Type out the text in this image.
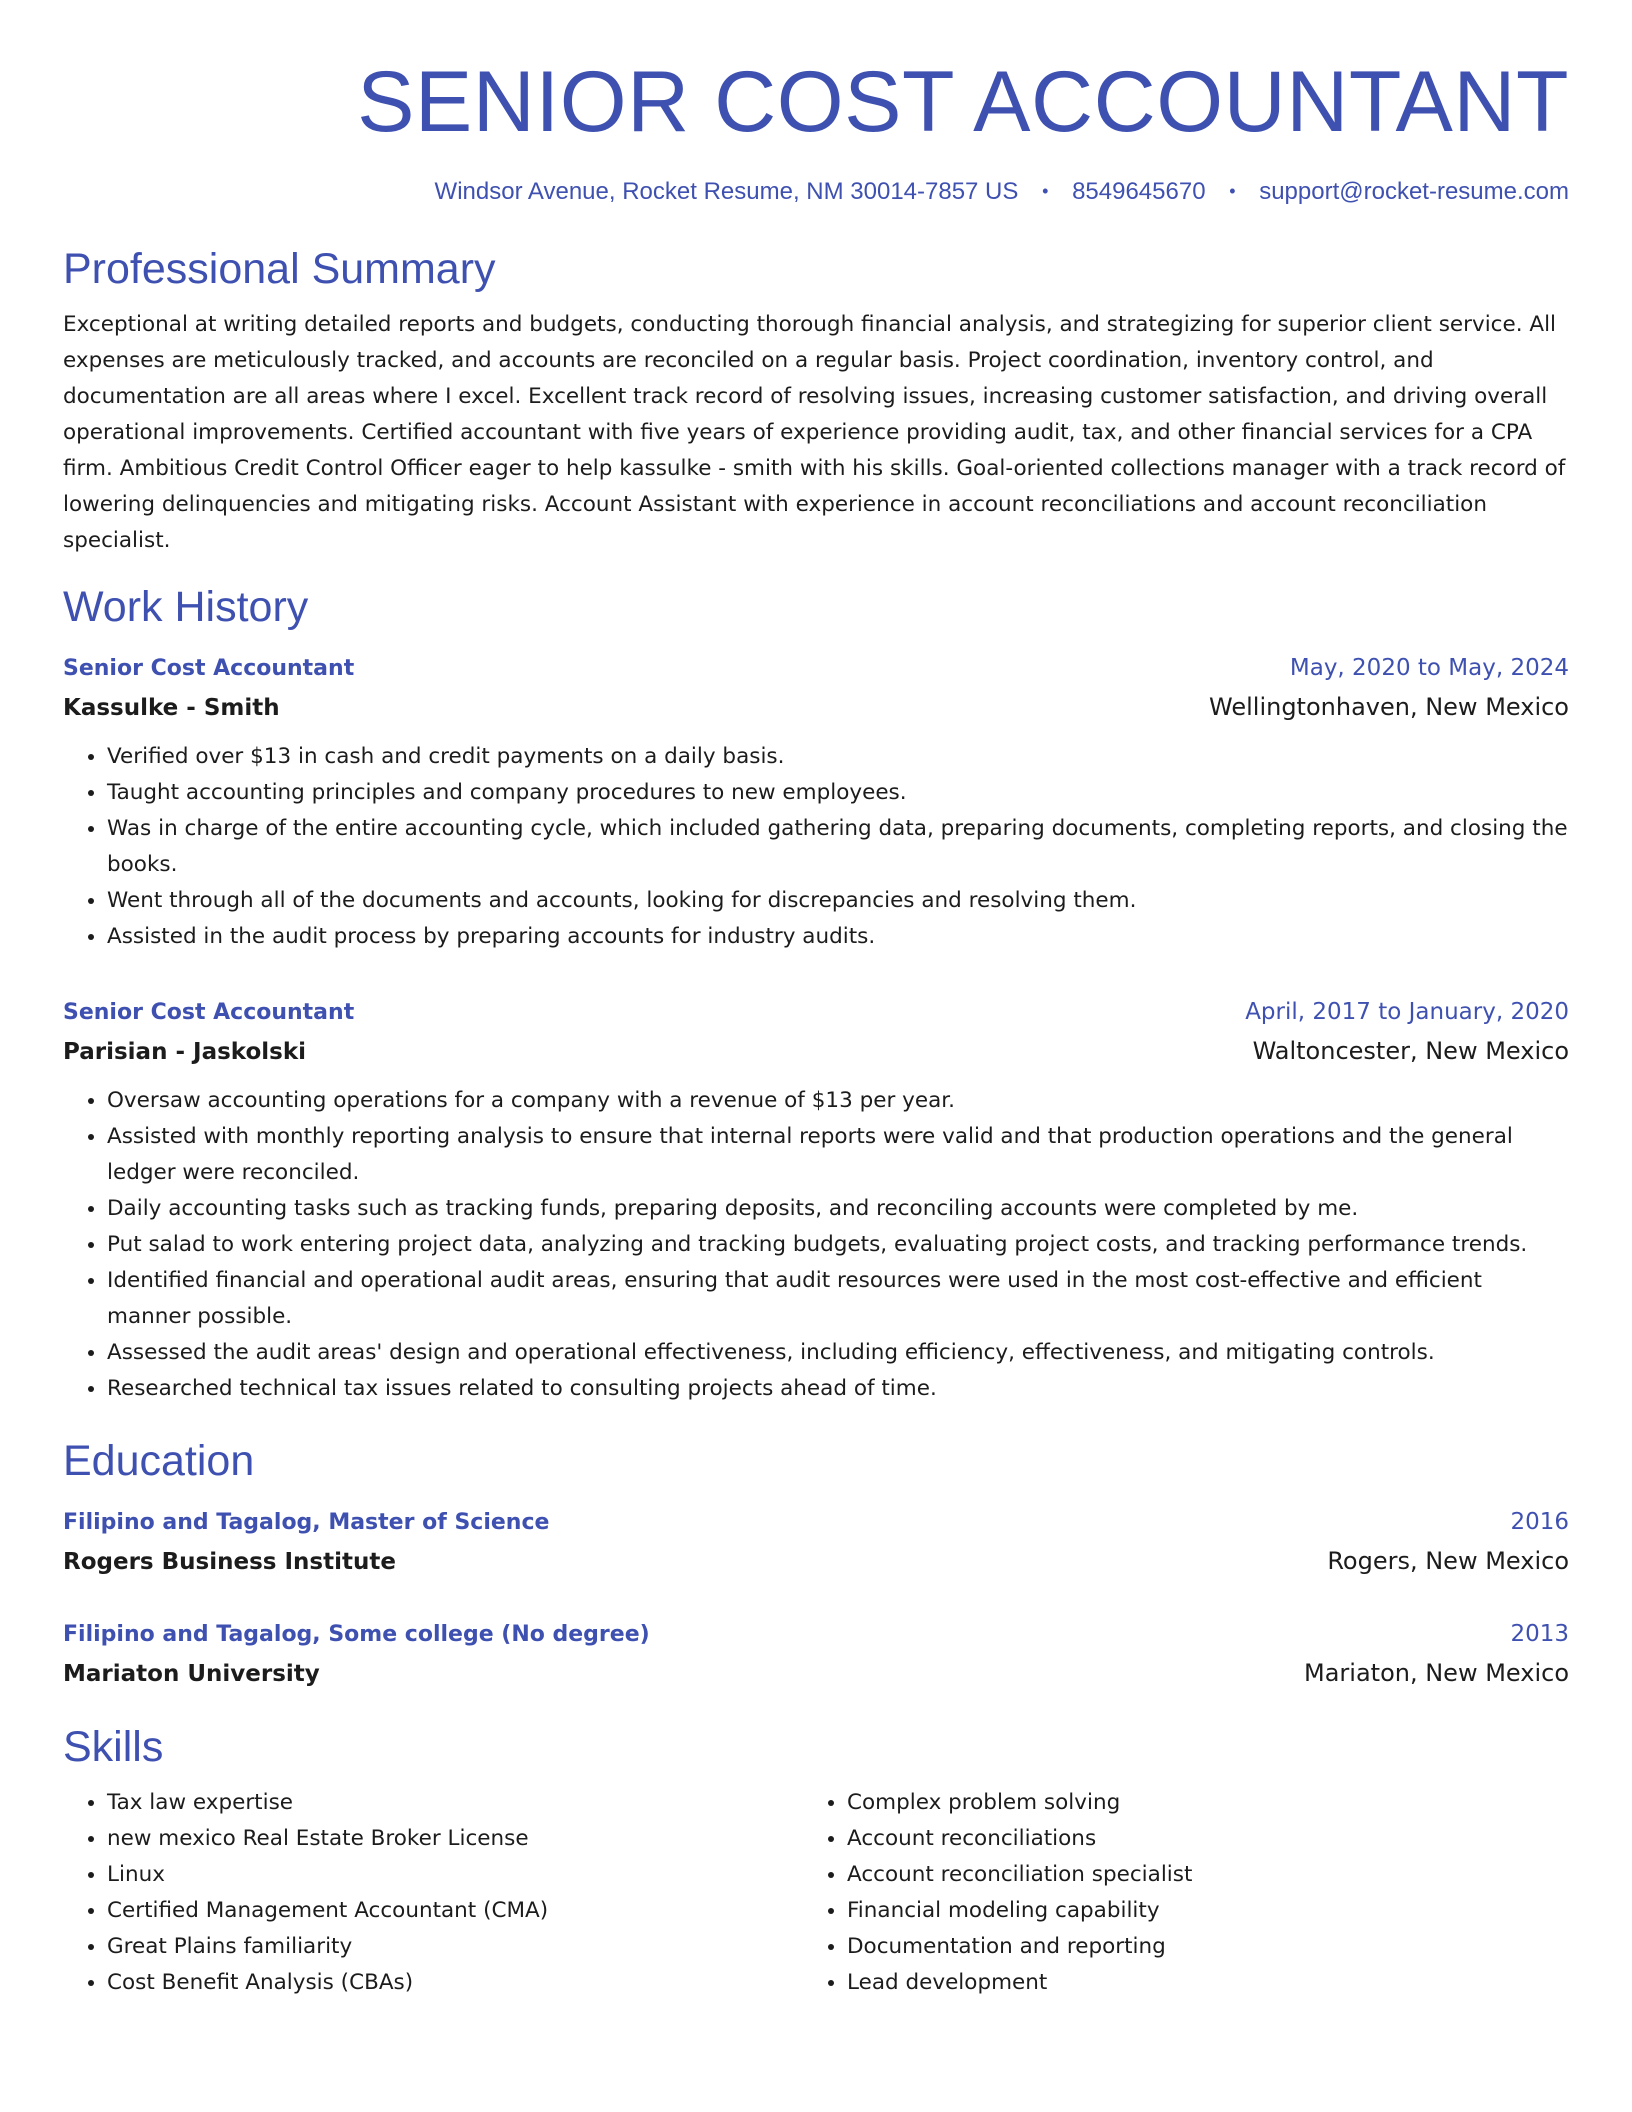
SENIOR COST ACCOUNTANT
Windsor Avenue, Rocket Resume, NM 30014-7857 US • 8549645670 • support@rocket-resume.com
Professional Summary
Exceptional at writing detailed reports and budgets, conducting thorough financial analysis, and strategizing for superior client service. All expenses are meticulously tracked, and accounts are reconciled on a regular basis. Project coordination, inventory control, and documentation are all areas where I excel. Excellent track record of resolving issues, increasing customer satisfaction, and driving overall operational improvements. Certified accountant with five years of experience providing audit, tax, and other financial services for a CPA firm. Ambitious Credit Control Officer eager to help kassulke - smith with his skills. Goal-oriented collections manager with a track record of lowering delinquencies and mitigating risks. Account Assistant with experience in account reconciliations and account reconciliation specialist.
Work History
Senior Cost Accountant	May, 2020 to May, 2024
Kassulke - Smith	Wellingtonhaven, New Mexico
• Verified over $13 in cash and credit payments on a daily basis.
• Taught accounting principles and company procedures to new employees.
• Was in charge of the entire accounting cycle, which included gathering data, preparing documents, completing reports, and closing the books.
• Went through all of the documents and accounts, looking for discrepancies and resolving them.
• Assisted in the audit process by preparing accounts for industry audits.
Senior Cost Accountant	April, 2017 to January, 2020
Parisian - Jaskolski	Waltoncester, New Mexico
• Oversaw accounting operations for a company with a revenue of $13 per year.
• Assisted with monthly reporting analysis to ensure that internal reports were valid and that production operations and the general ledger were reconciled.
• Daily accounting tasks such as tracking funds, preparing deposits, and reconciling accounts were completed by me.
• Put salad to work entering project data, analyzing and tracking budgets, evaluating project costs, and tracking performance trends.
• Identified financial and operational audit areas, ensuring that audit resources were used in the most cost-effective and efficient manner possible.
• Assessed the audit areas' design and operational effectiveness, including efficiency, effectiveness, and mitigating controls.
• Researched technical tax issues related to consulting projects ahead of time.
Education
Filipino and Tagalog, Master of Science	2016
Rogers Business Institute	Rogers, New Mexico
Filipino and Tagalog, Some college (No degree)	2013
Mariaton University	Mariaton, New Mexico
Skills
• Tax law expertise
• new mexico Real Estate Broker License
• Linux
• Certified Management Accountant (CMA)
• Great Plains familiarity
• Cost Benefit Analysis (CBAs)
• Complex problem solving
• Account reconciliations
• Account reconciliation specialist
• Financial modeling capability
• Documentation and reporting
• Lead development
